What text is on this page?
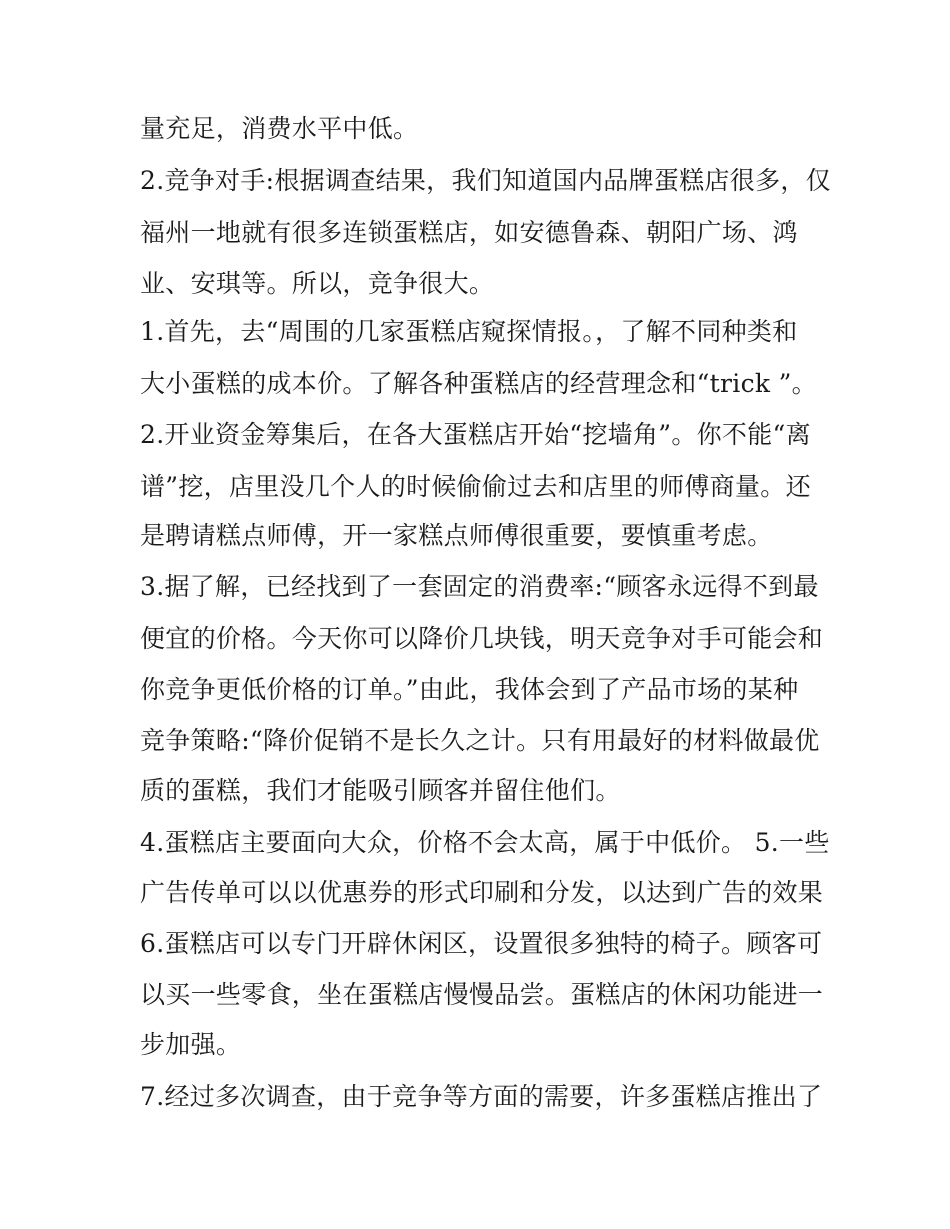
量充足，消费水平中低。
2.竞争对手:根据调查结果，我们知道国内品牌蛋糕店很多，仅
福州一地就有很多连锁蛋糕店，如安德鲁森、朝阳广场、鸿
业、安琪等。所以，竞争很大。
1.首先，去“周围的几家蛋糕店窥探情报。，了解不同种类和
大小蛋糕的成本价。了解各种蛋糕店的经营理念和“trick ”。
2.开业资金筹集后，在各大蛋糕店开始“挖墙角”。你不能“离
谱”挖，店里没几个人的时候偷偷过去和店里的师傅商量。还
是聘请糕点师傅，开一家糕点师傅很重要，要慎重考虑。
3.据了解，已经找到了一套固定的消费率:“顾客永远得不到最
便宜的价格。今天你可以降价几块钱，明天竞争对手可能会和
你竞争更低价格的订单。”由此，我体会到了产品市场的某种
竞争策略:“降价促销不是长久之计。只有用最好的材料做最优
质的蛋糕，我们才能吸引顾客并留住他们。
4.蛋糕店主要面向大众，价格不会太高，属于中低价。 5.一些
广告传单可以以优惠券的形式印刷和分发，以达到广告的效果
6.蛋糕店可以专门开辟休闲区，设置很多独特的椅子。顾客可
以买一些零食，坐在蛋糕店慢慢品尝。蛋糕店的休闲功能进一
步加强。
7.经过多次调查，由于竞争等方面的需要，许多蛋糕店推出了
